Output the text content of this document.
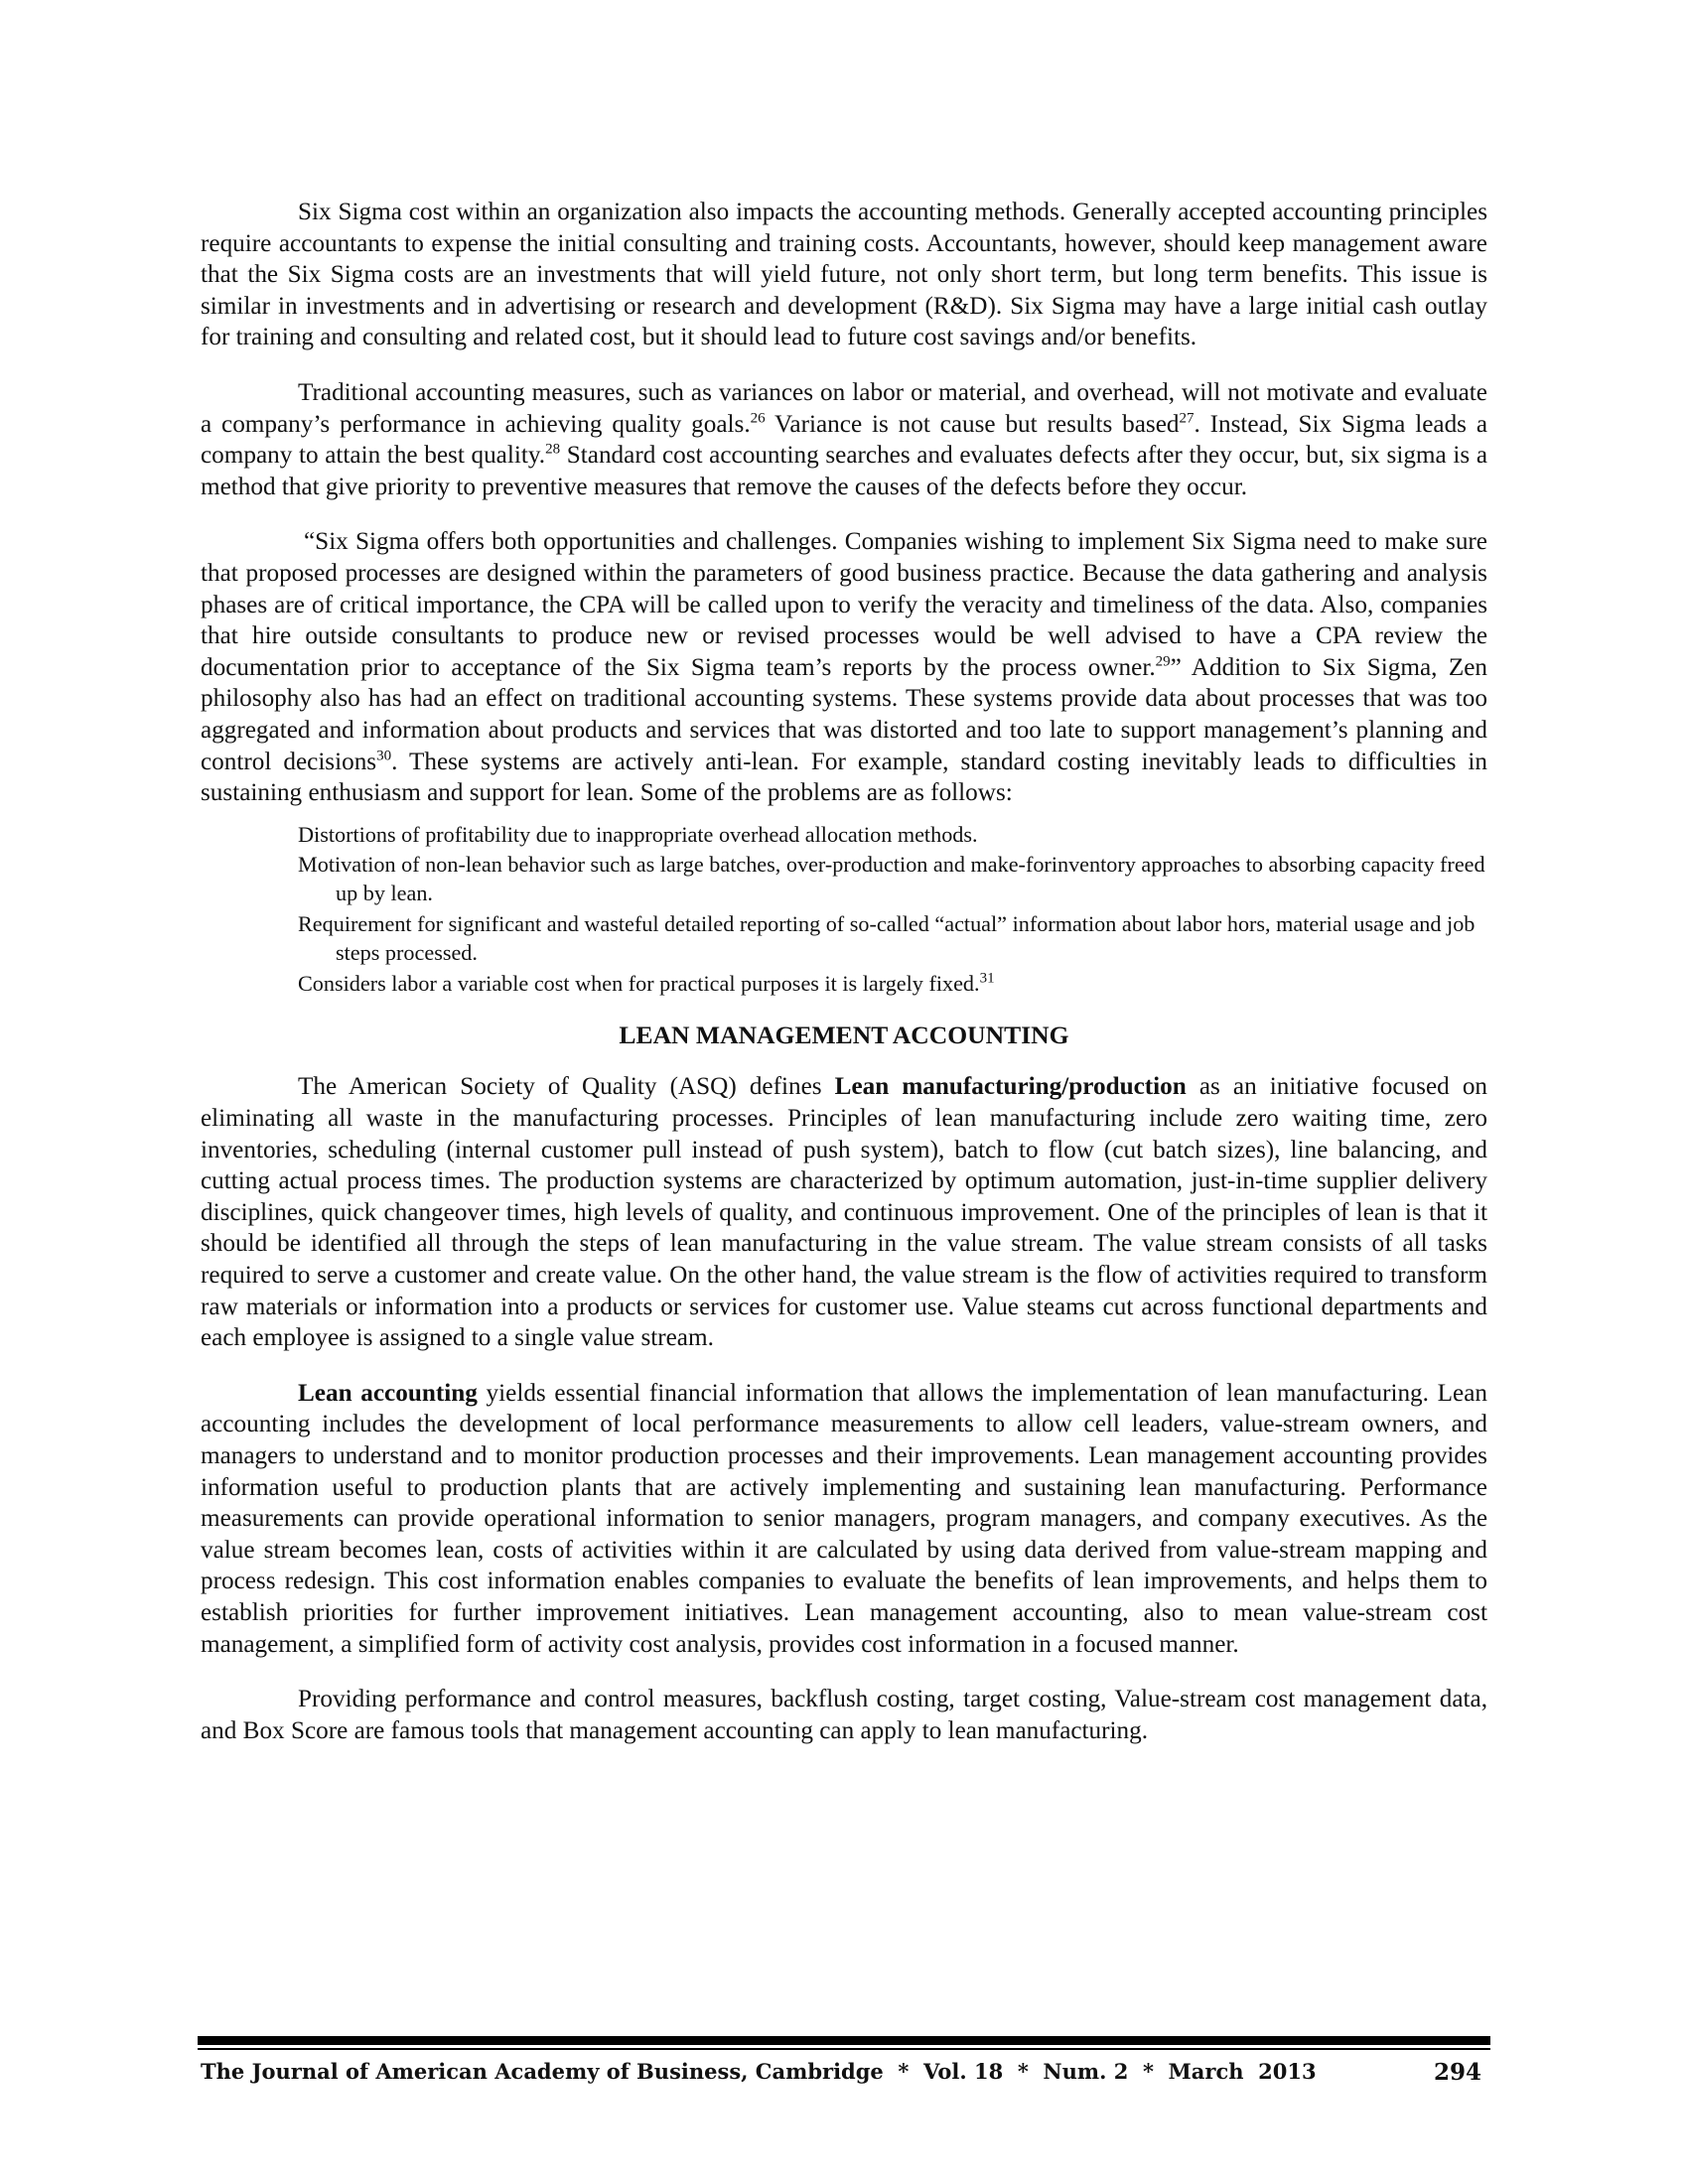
Six Sigma cost within an organization also impacts the accounting methods. Generally accepted accounting principles require accountants to expense the initial consulting and training costs. Accountants, however, should keep management aware that the Six Sigma costs are an investments that will yield future, not only short term, but long term benefits. This issue is similar in investments and in advertising or research and development (R&D). Six Sigma may have a large initial cash outlay for training and consulting and related cost, but it should lead to future cost savings and/or benefits.

Traditional accounting measures, such as variances on labor or material, and overhead, will not motivate and evaluate a company’s performance in achieving quality goals.$^{26}$ Variance is not cause but results based$^{27}$. Instead, Six Sigma leads a company to attain the best quality.$^{28}$ Standard cost accounting searches and evaluates defects after they occur, but, six sigma is a method that give priority to preventive measures that remove the causes of the defects before they occur.

“Six Sigma offers both opportunities and challenges. Companies wishing to implement Six Sigma need to make sure that proposed processes are designed within the parameters of good business practice. Because the data gathering and analysis phases are of critical importance, the CPA will be called upon to verify the veracity and timeliness of the data. Also, companies that hire outside consultants to produce new or revised processes would be well advised to have a CPA review the documentation prior to acceptance of the Six Sigma team’s reports by the process owner.$^{29}$” Addition to Six Sigma, Zen philosophy also has had an effect on traditional accounting systems. These systems provide data about processes that was too aggregated and information about products and services that was distorted and too late to support management’s planning and control decisions$^{30}$. These systems are actively anti-lean. For example, standard costing inevitably leads to difficulties in sustaining enthusiasm and support for lean. Some of the problems are as follows:

Distortions of profitability due to inappropriate overhead allocation methods.
Motivation of non-lean behavior such as large batches, over-production and make-forinventory approaches to absorbing capacity freed up by lean.
Requirement for significant and wasteful detailed reporting of so-called “actual” information about labor hors, material usage and job steps processed.
Considers labor a variable cost when for practical purposes it is largely fixed.$^{31}$
LEAN MANAGEMENT ACCOUNTING

The American Society of Quality (ASQ) defines Lean manufacturing/production as an initiative focused on eliminating all waste in the manufacturing processes. Principles of lean manufacturing include zero waiting time, zero inventories, scheduling (internal customer pull instead of push system), batch to flow (cut batch sizes), line balancing, and cutting actual process times. The production systems are characterized by optimum automation, just-in-time supplier delivery disciplines, quick changeover times, high levels of quality, and continuous improvement. One of the principles of lean is that it should be identified all through the steps of lean manufacturing in the value stream. The value stream consists of all tasks required to serve a customer and create value. On the other hand, the value stream is the flow of activities required to transform raw materials or information into a products or services for customer use. Value steams cut across functional departments and each employee is assigned to a single value stream.

Lean accounting yields essential financial information that allows the implementation of lean manufacturing. Lean accounting includes the development of local performance measurements to allow cell leaders, value-stream owners, and managers to understand and to monitor production processes and their improvements. Lean management accounting provides information useful to production plants that are actively implementing and sustaining lean manufacturing. Performance measurements can provide operational information to senior managers, program managers, and company executives. As the value stream becomes lean, costs of activities within it are calculated by using data derived from value-stream mapping and process redesign. This cost information enables companies to evaluate the benefits of lean improvements, and helps them to establish priorities for further improvement initiatives. Lean management accounting, also to mean value-stream cost management, a simplified form of activity cost analysis, provides cost information in a focused manner.

Providing performance and control measures, backflush costing, target costing, Value-stream cost management data, and Box Score are famous tools that management accounting can apply to lean manufacturing.

The Journal of American Academy of Business, Cambridge  *  Vol. 18  *  Num. 2  *  March  2013	294
